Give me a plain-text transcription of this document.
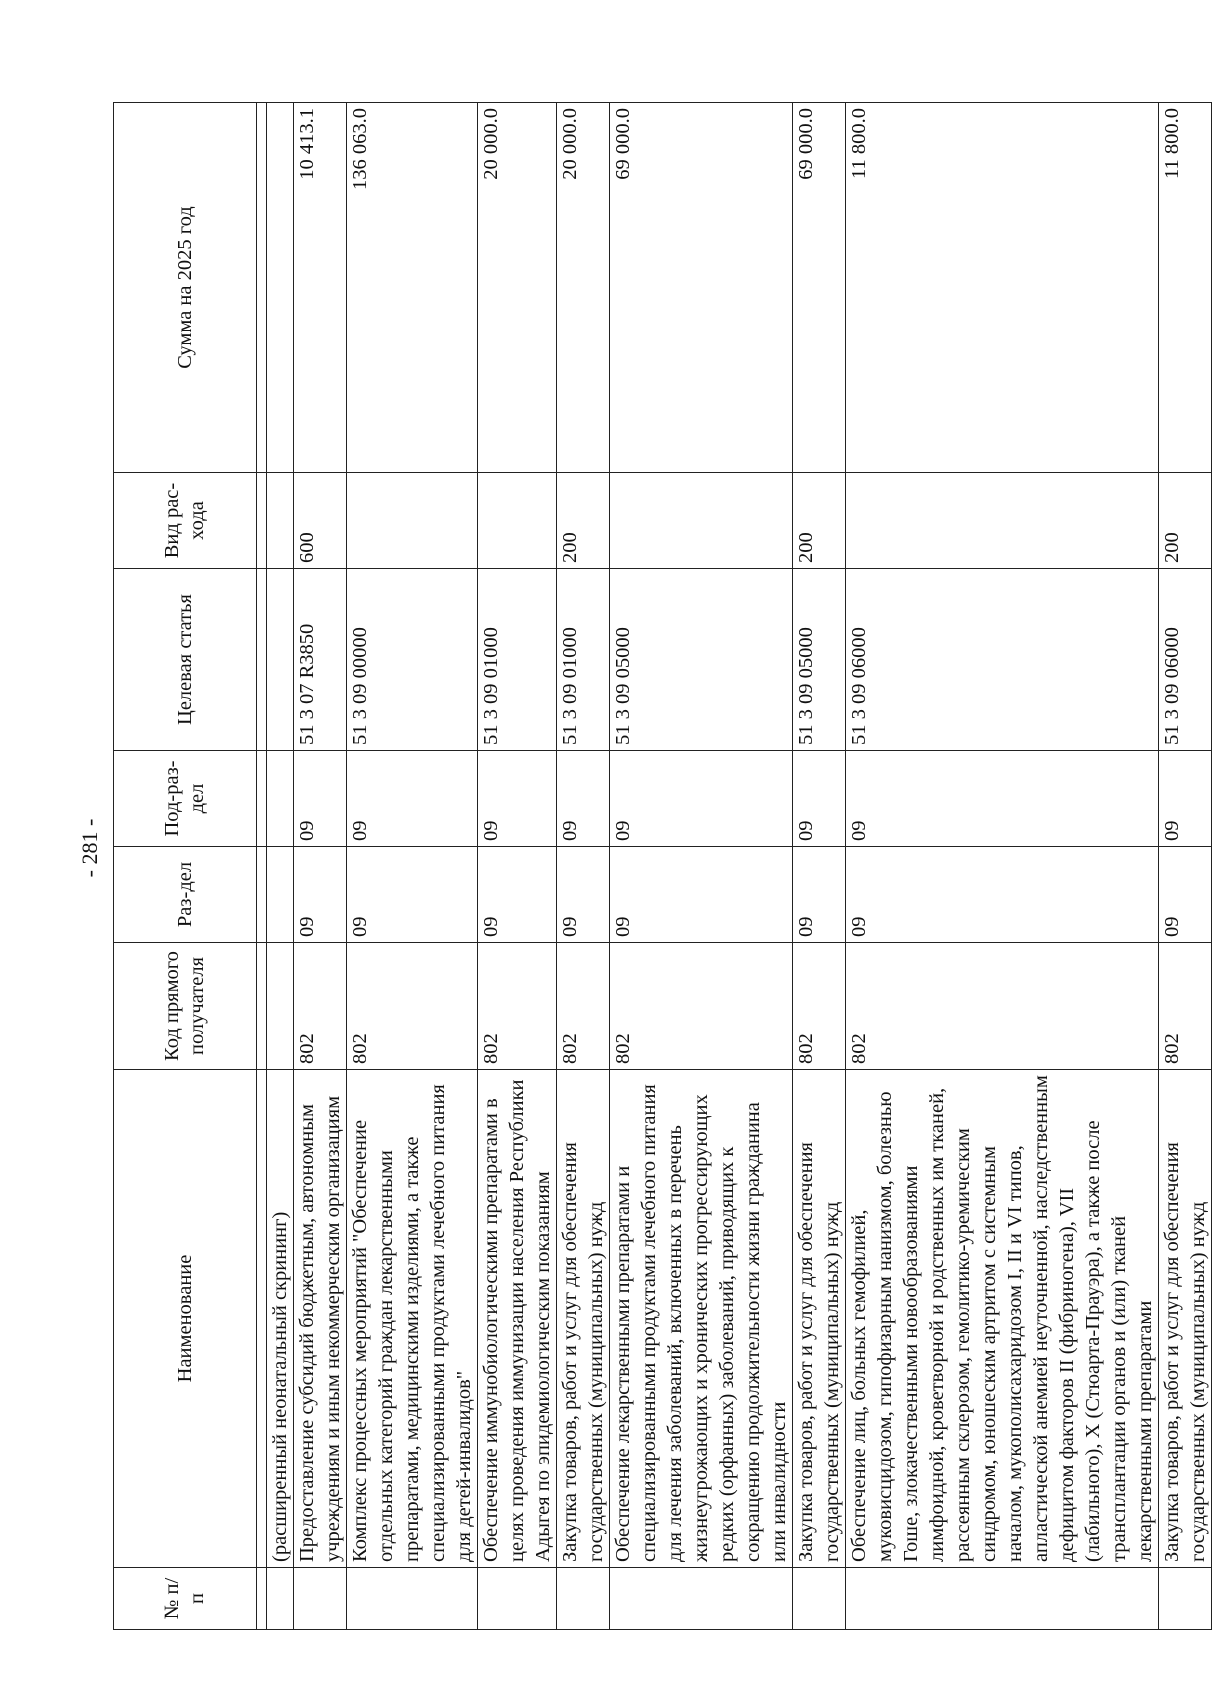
- 281 -
№ п/п	Наименование	Код прямого получателя	Раз-дел	Под-раз-дел	Целевая статья	Вид рас-хода	Сумма на 2025 год

	(расширенный неонатальный скрининг)						
	Предоставление субсидий бюджетным, автономным учреждениям и иным некоммерческим организациям	802	09	09	51 3 07 R3850	600	10 413.1
	Комплекс процессных мероприятий "Обеспечение отдельных категорий граждан лекарственными препаратами, медицинскими изделиями, а также специализированными продуктами лечебного питания для детей-инвалидов"	802	09	09	51 3 09 00000		136 063.0
	Обеспечение иммунобиологическими препаратами в целях проведения иммунизации населения Республики Адыгея по эпидемиологическим показаниям	802	09	09	51 3 09 01000		20 000.0
	Закупка товаров, работ и услуг для обеспечения государственных (муниципальных) нужд	802	09	09	51 3 09 01000	200	20 000.0
	Обеспечение лекарственными препаратами и специализированными продуктами лечебного питания для лечения заболеваний, включенных в перечень жизнеугрожающих и хронических прогрессирующих редких (орфанных) заболеваний, приводящих к сокращению продолжительности жизни гражданина или инвалидности	802	09	09	51 3 09 05000		69 000.0
	Закупка товаров, работ и услуг для обеспечения государственных (муниципальных) нужд	802	09	09	51 3 09 05000	200	69 000.0
	Обеспечение лиц, больных гемофилией, муковисцидозом, гипофизарным нанизмом, болезнью Гоше, злокачественными новообразованиями лимфоидной, кроветворной и родственных им тканей, рассеянным склерозом, гемолитико-уремическим синдромом, юношеским артритом с системным началом, мукополисахаридозом I, II и VI типов, апластической анемией неуточненной, наследственным дефицитом факторов II (фибриногена), VII (лабильного), X (Стюарта-Прауэра), а также после трансплантации органов и (или) тканей лекарственными препаратами	802	09	09	51 3 09 06000		11 800.0
	Закупка товаров, работ и услуг для обеспечения государственных (муниципальных) нужд	802	09	09	51 3 09 06000	200	11 800.0
